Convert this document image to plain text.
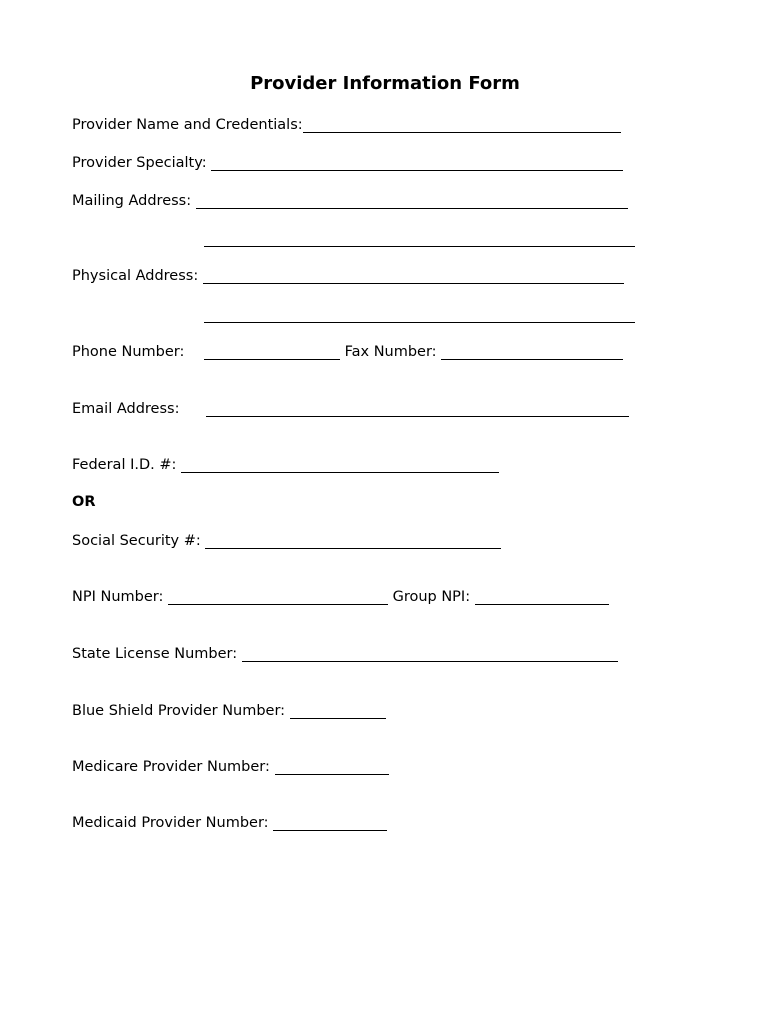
Provider Information Form
Provider Name and Credentials:
Provider Specialty:
Mailing Address:
Physical Address:
Phone Number:	Fax Number:
Email Address:
Federal I.D. #:
OR
Social Security #:
NPI Number:	Group NPI:
State License Number:
Blue Shield Provider Number:
Medicare Provider Number:
Medicaid Provider Number:
